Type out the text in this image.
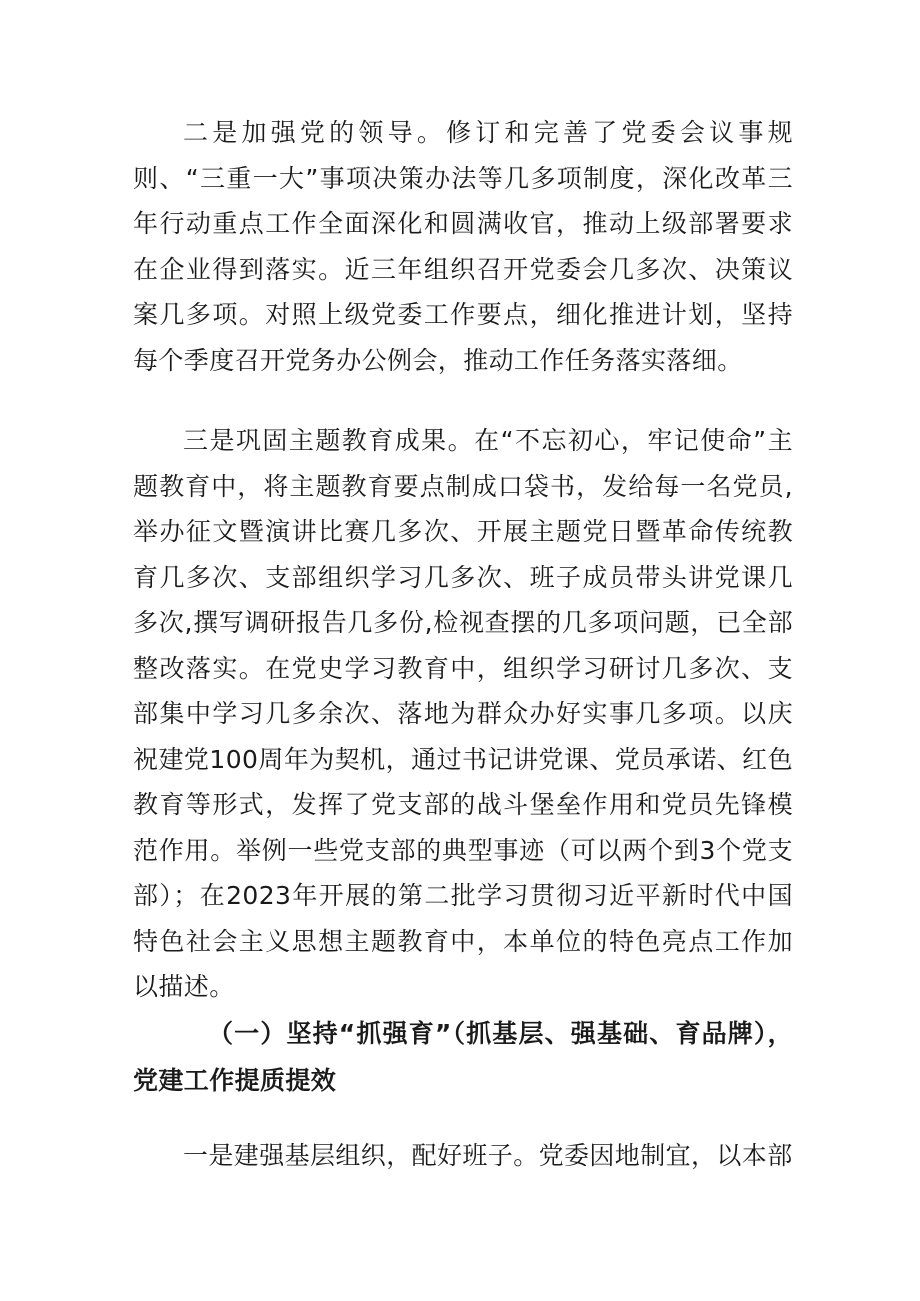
二是加强党的领导。修订和完善了党委会议事规则、“三重一大”事项决策办法等几多项制度，深化改革三年行动重点工作全面深化和圆满收官，推动上级部署要求在企业得到落实。近三年组织召开党委会几多次、决策议案几多项。对照上级党委工作要点，细化推进计划，坚持每个季度召开党务办公例会，推动工作任务落实落细。

三是巩固主题教育成果。在“不忘初心，牢记使命”主题教育中，将主题教育要点制成口袋书，发给每一名党员,举办征文暨演讲比赛几多次、开展主题党日暨革命传统教育几多次、支部组织学习几多次、班子成员带头讲党课几多次,撰写调研报告几多份,检视查摆的几多项问题，已全部整改落实。在党史学习教育中，组织学习研讨几多次、支部集中学习几多余次、落地为群众办好实事几多项。以庆祝建党100周年为契机，通过书记讲党课、党员承诺、红色教育等形式，发挥了党支部的战斗堡垒作用和党员先锋模范作用。举例一些党支部的典型事迹（可以两个到3个党支部）；在2023年开展的第二批学习贯彻习近平新时代中国特色社会主义思想主题教育中，本单位的特色亮点工作加以描述。

（一）坚持“抓强育”（抓基层、强基础、育品牌），党建工作提质提效

一是建强基层组织，配好班子。党委因地制宜，以本部
